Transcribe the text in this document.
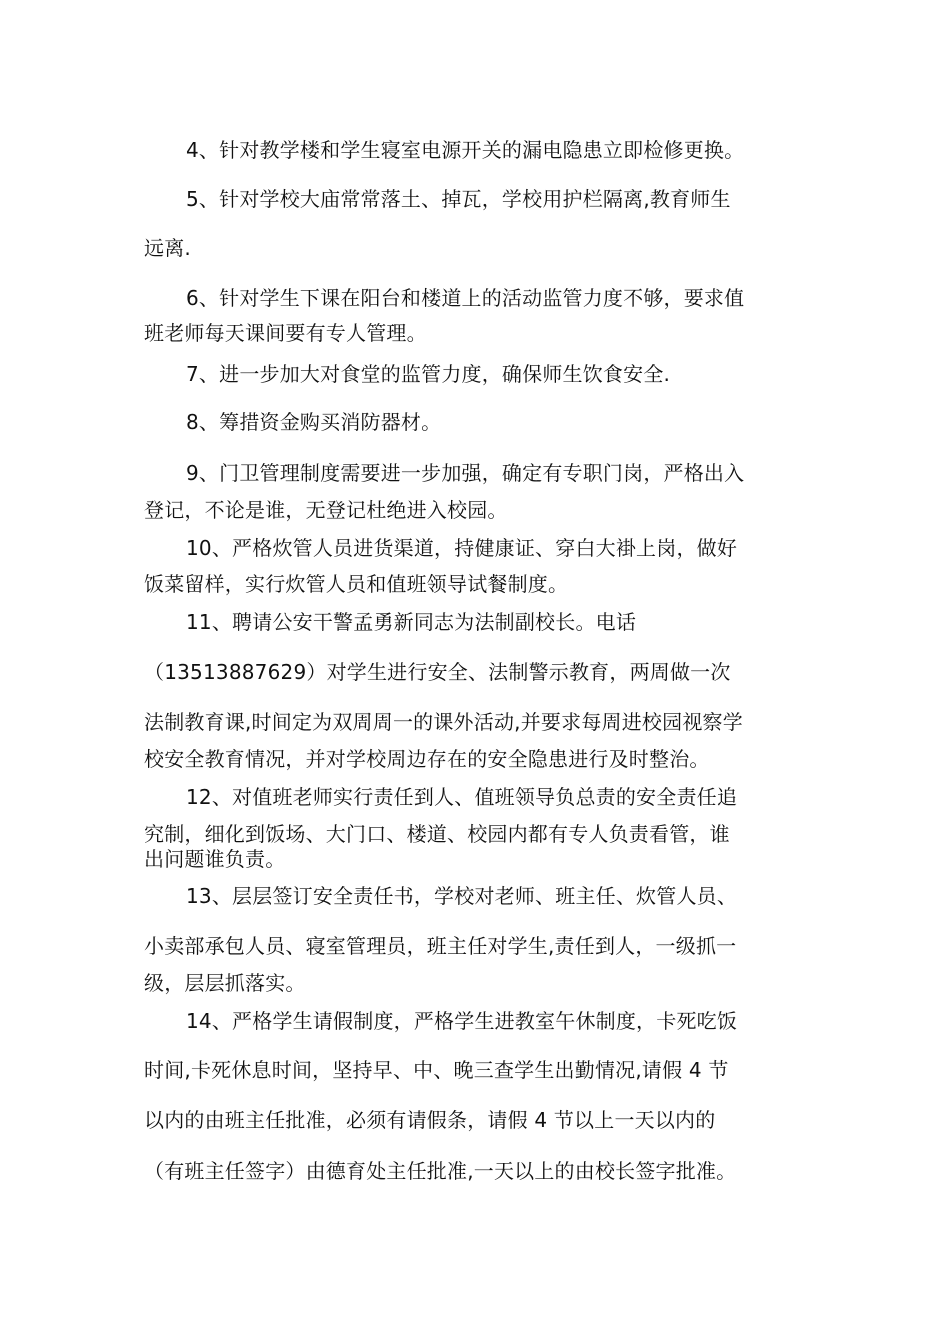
4、针对教学楼和学生寝室电源开关的漏电隐患立即检修更换。
5、针对学校大庙常常落土、掉瓦，学校用护栏隔离,教育师生
远离.
6、针对学生下课在阳台和楼道上的活动监管力度不够，要求值
班老师每天课间要有专人管理。
7、进一步加大对食堂的监管力度，确保师生饮食安全.
8、筹措资金购买消防器材。
9、门卫管理制度需要进一步加强，确定有专职门岗，严格出入
登记，不论是谁，无登记杜绝进入校园。
10、严格炊管人员进货渠道，持健康证、穿白大褂上岗，做好
饭菜留样，实行炊管人员和值班领导试餐制度。
11、聘请公安干警孟勇新同志为法制副校长。电话
（13513887629）对学生进行安全、法制警示教育，两周做一次
法制教育课,时间定为双周周一的课外活动,并要求每周进校园视察学
校安全教育情况，并对学校周边存在的安全隐患进行及时整治。
12、对值班老师实行责任到人、值班领导负总责的安全责任追
究制，细化到饭场、大门口、楼道、校园内都有专人负责看管，谁
出问题谁负责。
13、层层签订安全责任书，学校对老师、班主任、炊管人员、
小卖部承包人员、寝室管理员，班主任对学生,责任到人，一级抓一
级，层层抓落实。
14、严格学生请假制度，严格学生进教室午休制度，卡死吃饭
时间,卡死休息时间，坚持早、中、晚三查学生出勤情况,请假 4 节
以内的由班主任批准，必须有请假条，请假 4 节以上一天以内的
（有班主任签字）由德育处主任批准,一天以上的由校长签字批准。
